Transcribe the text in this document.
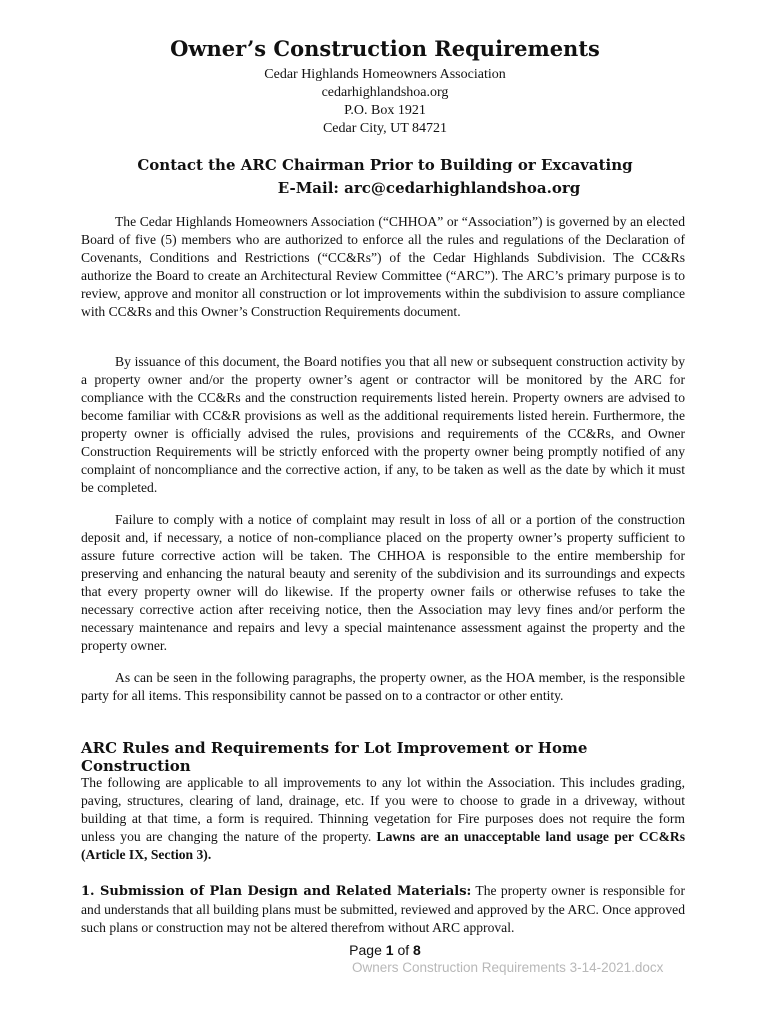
Owner’s Construction Requirements
Cedar Highlands Homeowners Association
cedarhighlandshoa.org
P.O. Box 1921
Cedar City, UT 84721
Contact the ARC Chairman Prior to Building or Excavating
E-Mail: arc@cedarhighlandshoa.org

The Cedar Highlands Homeowners Association (“CHHOA” or “Association”) is governed by an elected Board of five (5) members who are authorized to enforce all the rules and regulations of the Declaration of Covenants, Conditions and Restrictions (“CC&Rs”) of the Cedar Highlands Subdivision. The CC&Rs authorize the Board to create an Architectural Review Committee (“ARC”). The ARC’s primary purpose is to review, approve and monitor all construction or lot improvements within the subdivision to assure compliance with CC&Rs and this Owner’s Construction Requirements document.

By issuance of this document, the Board notifies you that all new or subsequent construction activity by a property owner and/or the property owner’s agent or contractor will be monitored by the ARC for compliance with the CC&Rs and the construction requirements listed herein. Property owners are advised to become familiar with CC&R provisions as well as the additional requirements listed herein. Furthermore, the property owner is officially advised the rules, provisions and requirements of the CC&Rs, and Owner Construction Requirements will be strictly enforced with the property owner being promptly notified of any complaint of noncompliance and the corrective action, if any, to be taken as well as the date by which it must be completed.

Failure to comply with a notice of complaint may result in loss of all or a portion of the construction deposit and, if necessary, a notice of non-compliance placed on the property owner’s property sufficient to assure future corrective action will be taken. The CHHOA is responsible to the entire membership for preserving and enhancing the natural beauty and serenity of the subdivision and its surroundings and expects that every property owner will do likewise. If the property owner fails or otherwise refuses to take the necessary corrective action after receiving notice, then the Association may levy fines and/or perform the necessary maintenance and repairs and levy a special maintenance assessment against the property and the property owner.

As can be seen in the following paragraphs, the property owner, as the HOA member, is the responsible party for all items. This responsibility cannot be passed on to a contractor or other entity.

ARC Rules and Requirements for Lot Improvement or Home Construction

The following are applicable to all improvements to any lot within the Association. This includes grading, paving, structures, clearing of land, drainage, etc. If you were to choose to grade in a driveway, without building at that time, a form is required. Thinning vegetation for Fire purposes does not require the form unless you are changing the nature of the property. Lawns are an unacceptable land usage per CC&Rs (Article IX, Section 3).

1. Submission of Plan Design and Related Materials: The property owner is responsible for and understands that all building plans must be submitted, reviewed and approved by the ARC. Once approved such plans or construction may not be altered therefrom without ARC approval.

Page 1 of 8
Owners Construction Requirements 3-14-2021.docx
